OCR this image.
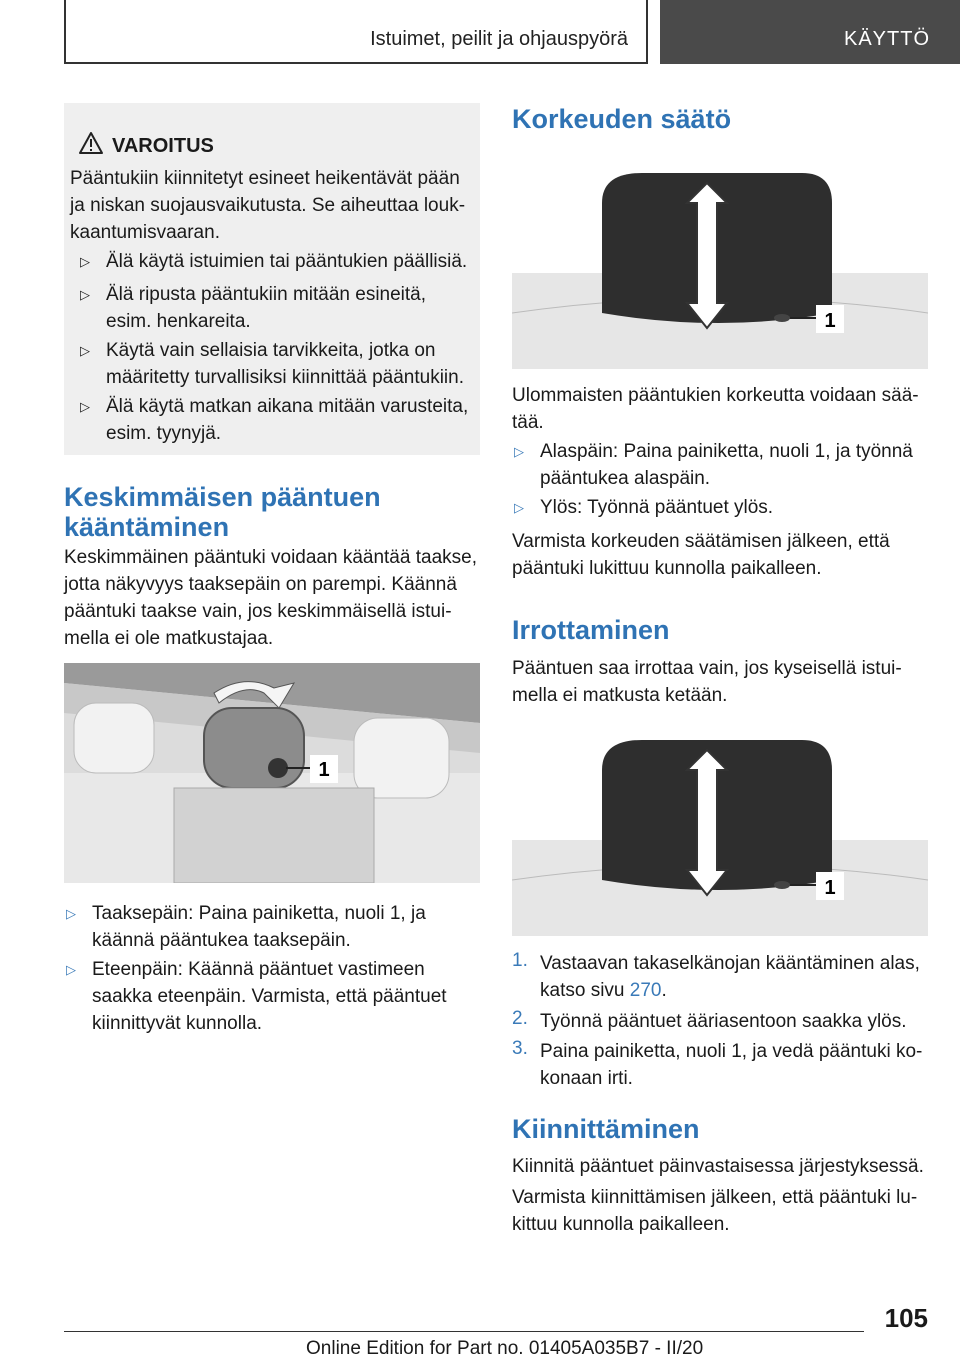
Istuimet, peilit ja ohjauspyörä	KÄYTTÖ
VAROITUS

Pääntukiin kiinnitetyt esineet heikentävät pään

ja niskan suojausvaikutusta. Se aiheuttaa louk-

kaantumisvaaran.

▷ Älä käytä istuimien tai pääntukien päällisiä.

▷ Älä ripusta pääntukiin mitään esineitä,

esim. henkareita.

▷ Käytä vain sellaisia tarvikkeita, jotka on

määritetty turvallisiksi kiinnittää pääntukiin.

▷ Älä käytä matkan aikana mitään varusteita,

esim. tyynyjä.

Keskimmäisen pääntuen
kääntäminen

Keskimmäinen pääntuki voidaan kääntää taakse,

jotta näkyvyys taaksepäin on parempi. Käännä

pääntuki taakse vain, jos keskimmäisellä istui-

mella ei ole matkustajaa.

1
▷ Taaksepäin: Paina painiketta, nuoli 1, ja

käännä pääntukea taaksepäin.

▷ Eteenpäin: Käännä pääntuet vastimeen

saakka eteenpäin. Varmista, että pääntuet

kiinnittyvät kunnolla.

Korkeuden säätö
1

Ulommaisten pääntukien korkeutta voidaan sää-

tää.

▷ Alaspäin: Paina painiketta, nuoli 1, ja työnnä

pääntukea alaspäin.

▷ Ylös: Työnnä pääntuet ylös.

Varmista korkeuden säätämisen jälkeen, että

pääntuki lukittuu kunnolla paikalleen.

Irrottaminen

Pääntuen saa irrottaa vain, jos kyseisellä istui-

mella ei matkusta ketään.

1
1. Vastaavan takaselkänojan kääntäminen alas,

katso sivu 270.

2. Työnnä pääntuet ääriasentoon saakka ylös.

3. Paina painiketta, nuoli 1, ja vedä pääntuki ko-

konaan irti.

Kiinnittäminen

Kiinnitä pääntuet päinvastaisessa järjestyksessä.

Varmista kiinnittämisen jälkeen, että pääntuki lu-

kittuu kunnolla paikalleen.

105
Online Edition for Part no. 01405A035B7 - II/20
